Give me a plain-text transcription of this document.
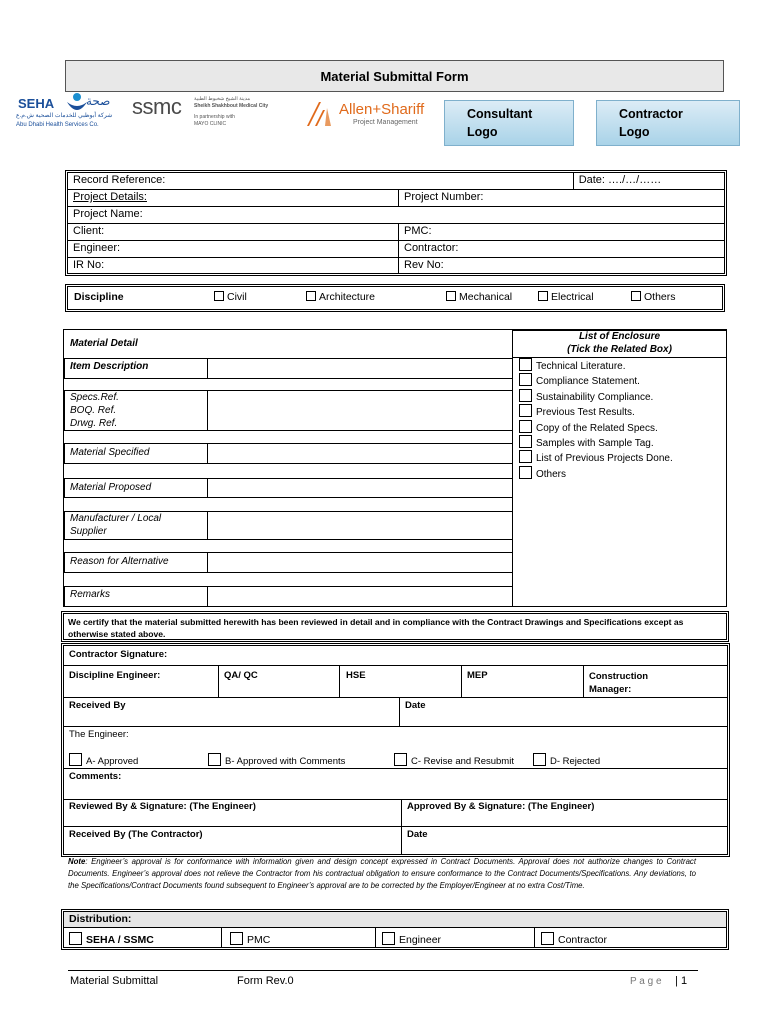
Material Submittal Form
SEHA	صحة
شركة أبوظبي للخدمات الصحية ش.م.ع
Abu Dhabi Health Services Co.
ssmc	مدينة الشيخ شخبوط الطبية
Sheikh Shakhbout Medical City
In partnership with
MAYO CLINIC
Allen+Shariff
Project Management
Consultant Logo
Contractor Logo
Record Reference:		Date: …./…/……
Project Details:	Project Number:	
Project Name:		
Client:	PMC:	
Engineer:	Contractor:	
IR No:	Rev No:	
Discipline	Civil	Architecture	Mechanical	Electrical	Others
Material Detail
Item Description
Specs.Ref.
BOQ. Ref.
Drwg. Ref.
Material Specified
Material Proposed
Manufacturer / Local
Supplier
Reason for Alternative
Remarks
List of Enclosure
(Tick the Related Box)
Technical Literature.
Compliance Statement.
Sustainability Compliance.
Previous Test Results.
Copy of the Related Specs.
Samples with Sample Tag.
List of Previous Projects Done.
Others
We certify that the material submitted herewith has been reviewed in detail and in compliance with the Contract Drawings and Specifications except as otherwise stated above.
Contractor Signature:
Discipline Engineer:	QA/ QC	HSE	MEP	Construction Manager:
Received By	Date
The Engineer:
A- Approved	B- Approved with Comments	C- Revise and Resubmit	D- Rejected
Comments:
Reviewed By & Signature: (The Engineer)	Approved By & Signature: (The Engineer)
Received By (The Contractor)	Date
Note: Engineer’s approval is for conformance with information given and design concept expressed in Contract Documents. Approval does not authorize changes to Contract Documents. Engineer’s approval does not relieve the Contractor from his contractual obligation to ensure conformance to the Contract Documents/Specifications. Any deviations, to the Specifications/Contract Documents found subsequent to Engineer’s approval are to be corrected by the Employer/Engineer at no extra Cost/Time.
Distribution:
SEHA / SSMC	PMC	Engineer	Contractor
Material Submittal	Form Rev.0	P a g e | 1
